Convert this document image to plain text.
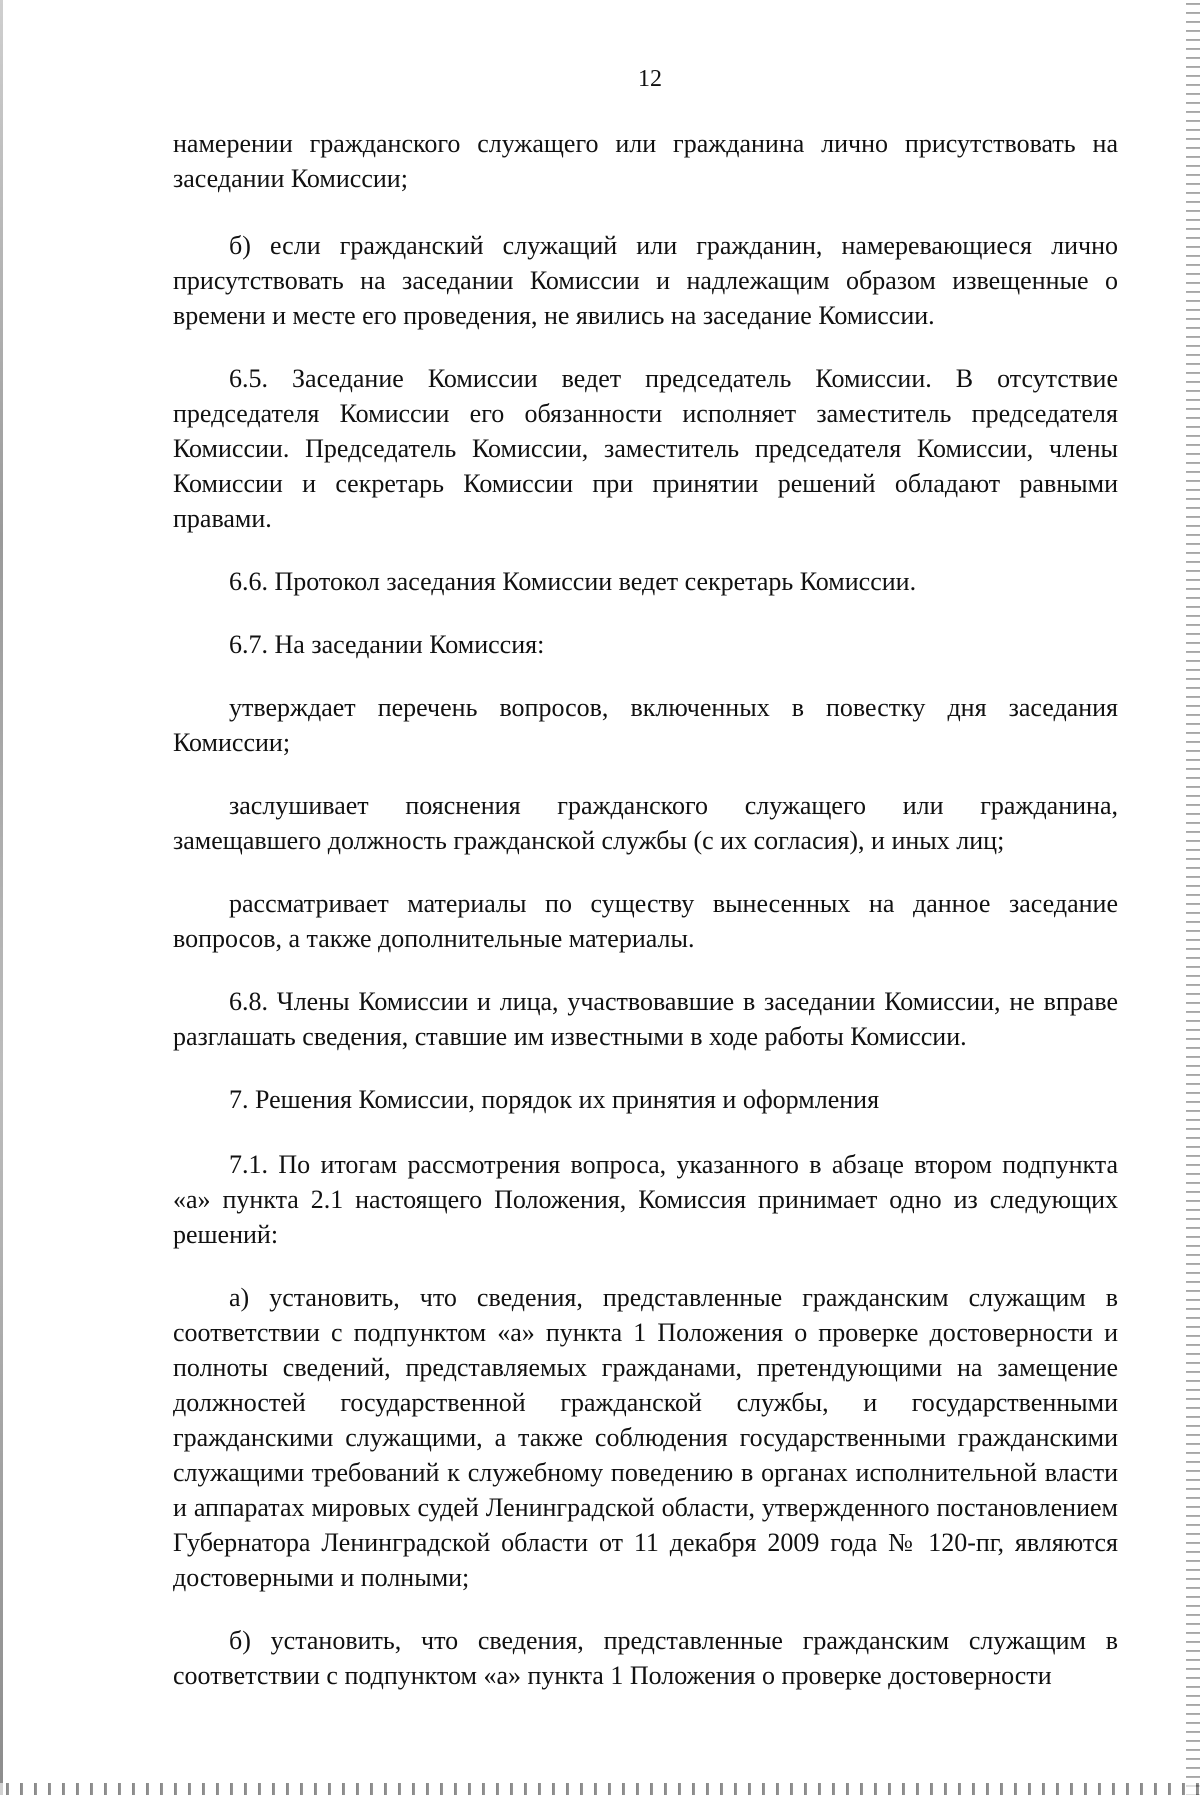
12

намерении гражданского служащего или гражданина лично присутствовать на заседании Комиссии;

б) если гражданский служащий или гражданин, намеревающиеся лично присутствовать на заседании Комиссии и надлежащим образом извещенные о времени и месте его проведения, не явились на заседание Комиссии.

6.5. Заседание Комиссии ведет председатель Комиссии. В отсутствие председателя Комиссии его обязанности исполняет заместитель председателя Комиссии. Председатель Комиссии, заместитель председателя Комиссии, члены Комиссии и секретарь Комиссии при принятии решений обладают равными правами.

6.6. Протокол заседания Комиссии ведет секретарь Комиссии.

6.7. На заседании Комиссия:

утверждает перечень вопросов, включенных в повестку дня заседания Комиссии;

заслушивает пояснения гражданского служащего или гражданина, замещавшего должность гражданской службы (с их согласия), и иных лиц;

рассматривает материалы по существу вынесенных на данное заседание вопросов, а также дополнительные материалы.

6.8. Члены Комиссии и лица, участвовавшие в заседании Комиссии, не вправе разглашать сведения, ставшие им известными в ходе работы Комиссии.

7. Решения Комиссии, порядок их принятия и оформления

7.1. По итогам рассмотрения вопроса, указанного в абзаце втором подпункта «а» пункта 2.1 настоящего Положения, Комиссия принимает одно из следующих решений:

а) установить, что сведения, представленные гражданским служащим в соответствии с подпунктом «а» пункта 1 Положения о проверке достоверности и полноты сведений, представляемых гражданами, претендующими на замещение должностей государственной гражданской службы, и государственными гражданскими служащими, а также соблюдения государственными гражданскими служащими требований к служебному поведению в органах исполнительной власти и аппаратах мировых судей Ленинградской области, утвержденного постановлением Губернатора Ленинградской области от 11 декабря 2009 года № 120-пг, являются достоверными и полными;

б) установить, что сведения, представленные гражданским служащим в соответствии с подпунктом «а» пункта 1 Положения о проверке достоверности
